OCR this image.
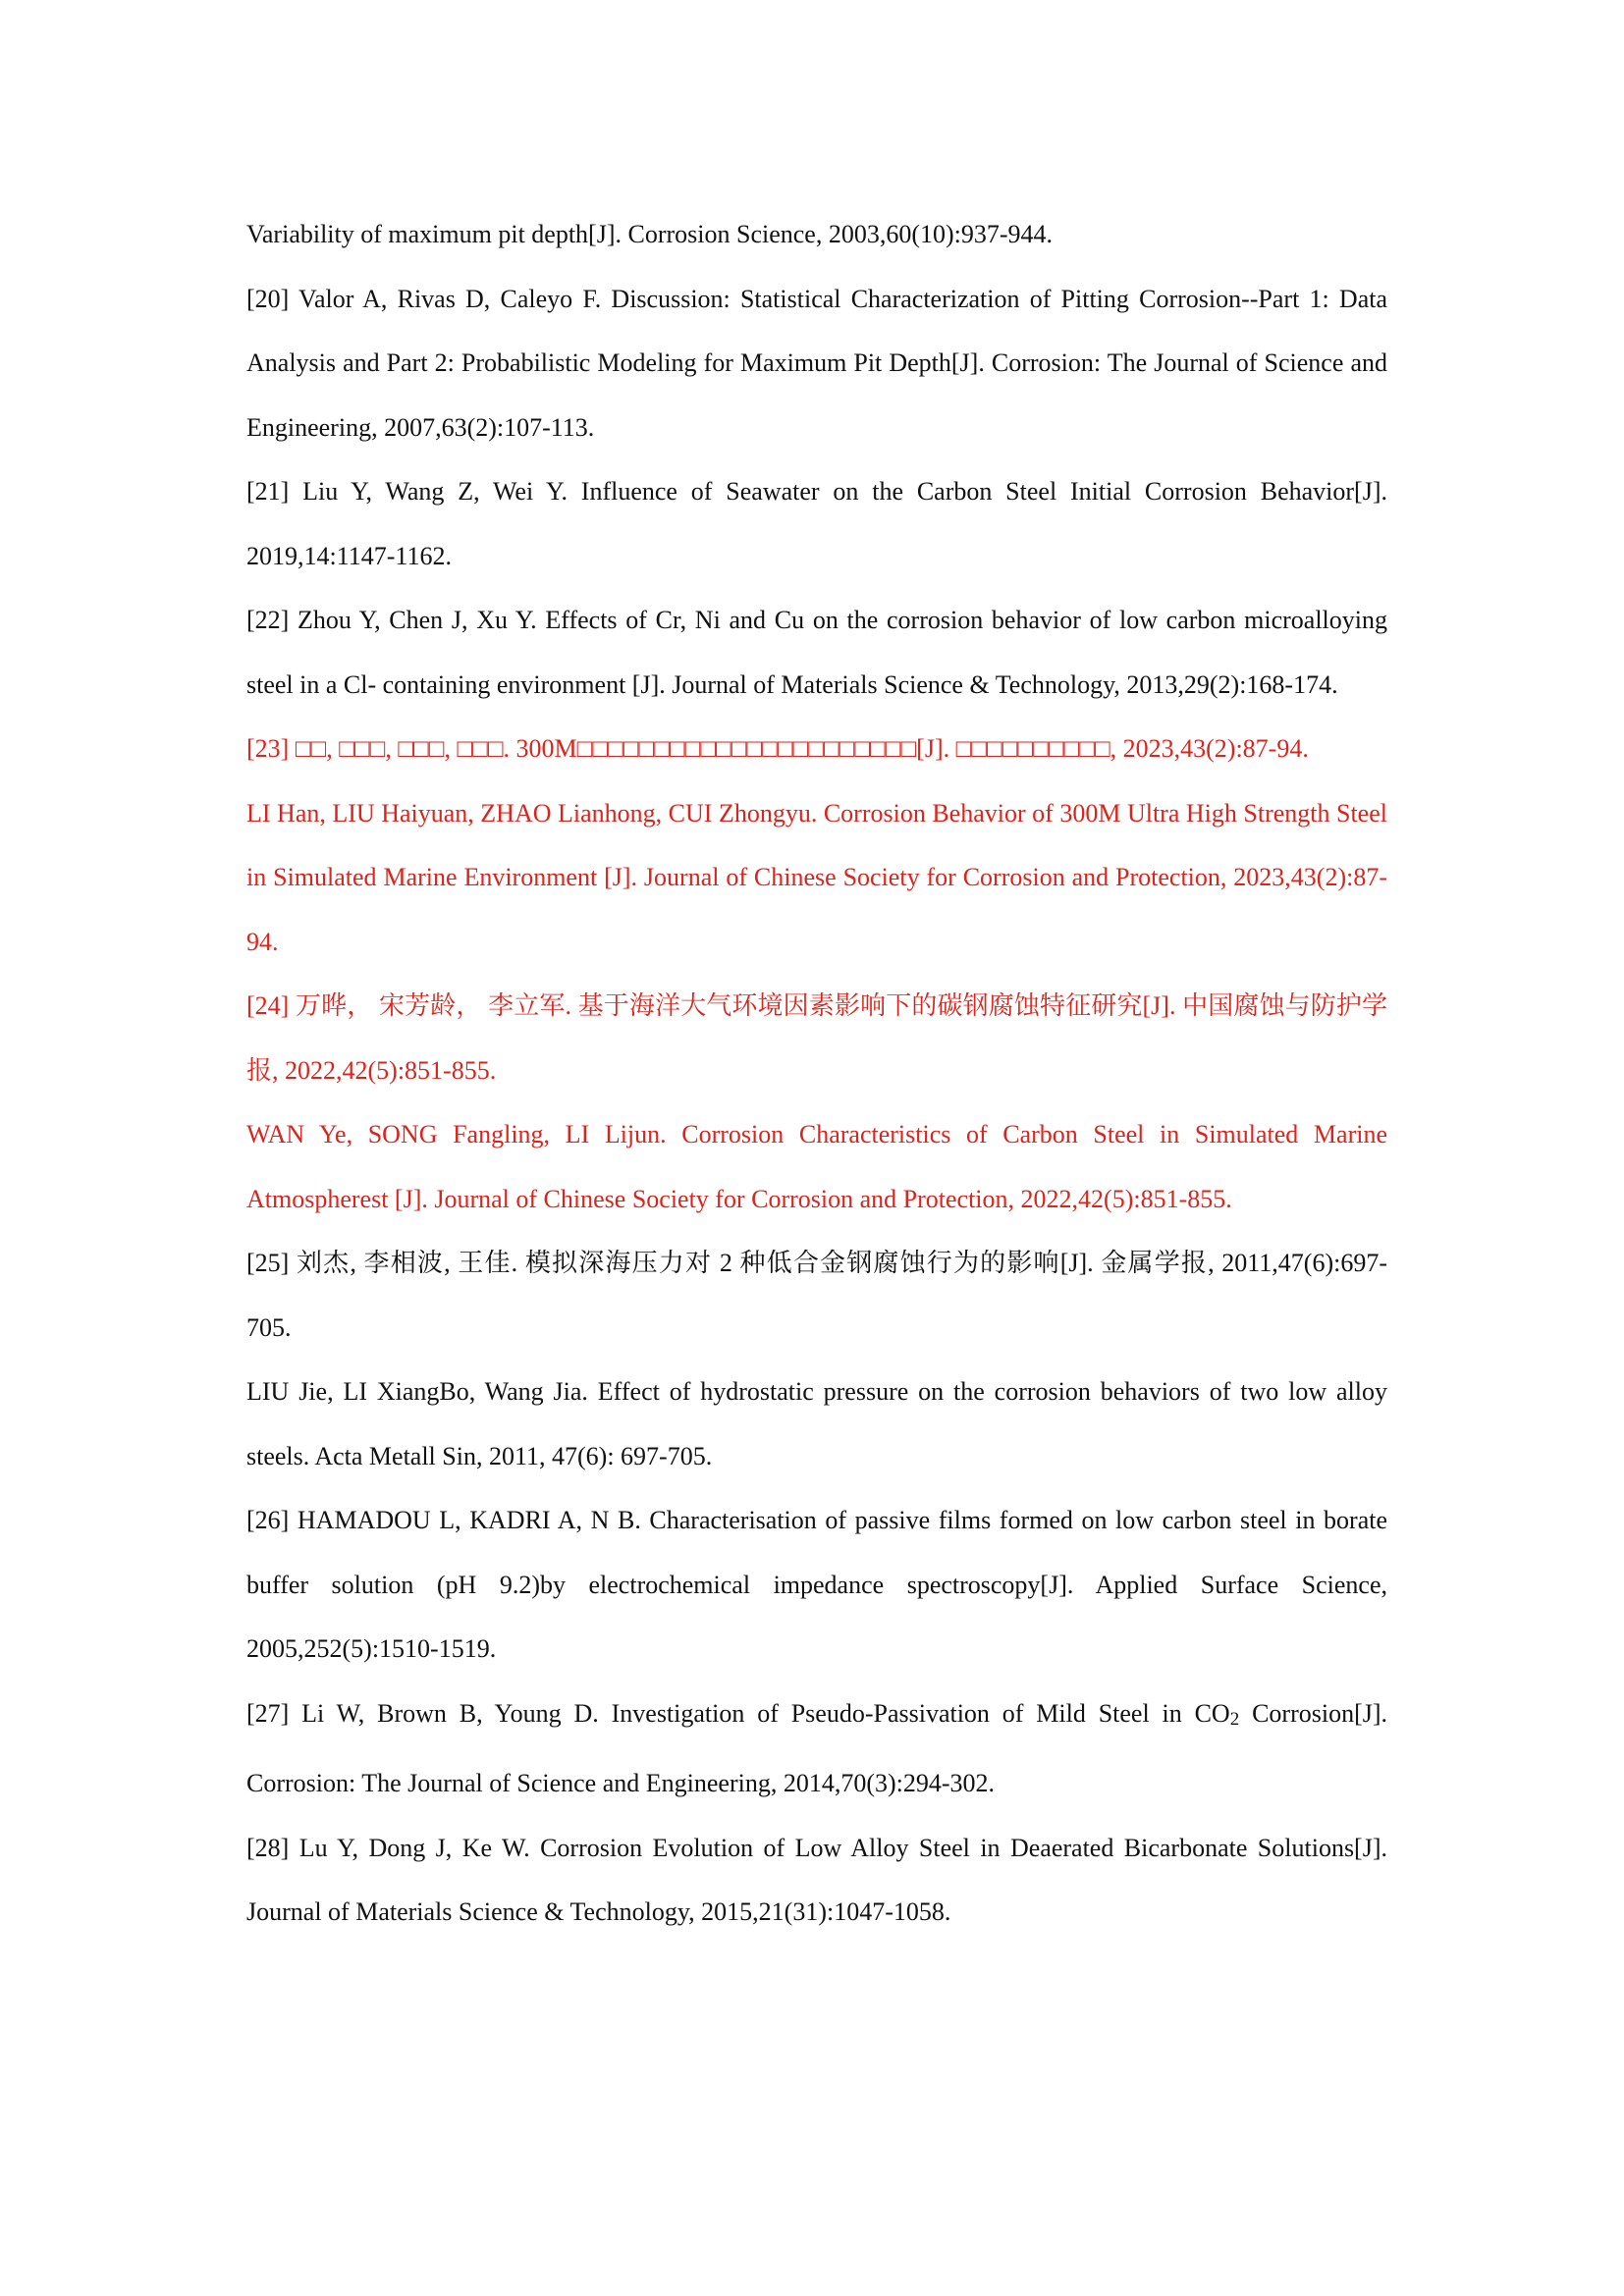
Variability of maximum pit depth[J]. Corrosion Science, 2003,60(10):937-944.

[20] Valor A, Rivas D, Caleyo F. Discussion: Statistical Characterization of Pitting Corrosion--Part 1: Data Analysis and Part 2: Probabilistic Modeling for Maximum Pit Depth[J]. Corrosion: The Journal of Science and Engineering, 2007,63(2):107-113.

[21] Liu Y, Wang Z, Wei Y. Influence of Seawater on the Carbon Steel Initial Corrosion Behavior[J]. 2019,14:1147-1162.

[22] Zhou Y, Chen J, Xu Y. Effects of Cr, Ni and Cu on the corrosion behavior of low carbon microalloying steel in a Cl- containing environment [J]. Journal of Materials Science & Technology, 2013,29(2):168-174.

[23] □□, □□□, □□□, □□□. 300M□□□□□□□□□□□□□□□□□□□□□□[J]. □□□□□□□□□□, 2023,43(2):87-94.

LI Han, LIU Haiyuan, ZHAO Lianhong, CUI Zhongyu. Corrosion Behavior of 300M Ultra High Strength Steel in Simulated Marine Environment [J]. Journal of Chinese Society for Corrosion and Protection, 2023,43(2):87-94.

[24] 万晔， 宋芳龄， 李立军. 基于海洋大气环境因素影响下的碳钢腐蚀特征研究[J]. 中国腐蚀与防护学报, 2022,42(5):851-855.

WAN Ye, SONG Fangling, LI Lijun. Corrosion Characteristics of Carbon Steel in Simulated Marine Atmospherest [J]. Journal of Chinese Society for Corrosion and Protection, 2022,42(5):851-855.

[25] 刘杰, 李相波, 王佳. 模拟深海压力对 2 种低合金钢腐蚀行为的影响[J]. 金属学报, 2011,47(6):697-705.

LIU Jie, LI XiangBo, Wang Jia. Effect of hydrostatic pressure on the corrosion behaviors of two low alloy steels. Acta Metall Sin, 2011, 47(6): 697-705.

[26] HAMADOU L, KADRI A, N B. Characterisation of passive films formed on low carbon steel in borate buffer solution (pH 9.2)by electrochemical impedance spectroscopy[J]. Applied Surface Science, 2005,252(5):1510-1519.

[27] Li W, Brown B, Young D. Investigation of Pseudo-Passivation of Mild Steel in CO2 Corrosion[J]. Corrosion: The Journal of Science and Engineering, 2014,70(3):294-302.

[28] Lu Y, Dong J, Ke W. Corrosion Evolution of Low Alloy Steel in Deaerated Bicarbonate Solutions[J]. Journal of Materials Science & Technology, 2015,21(31):1047-1058.
